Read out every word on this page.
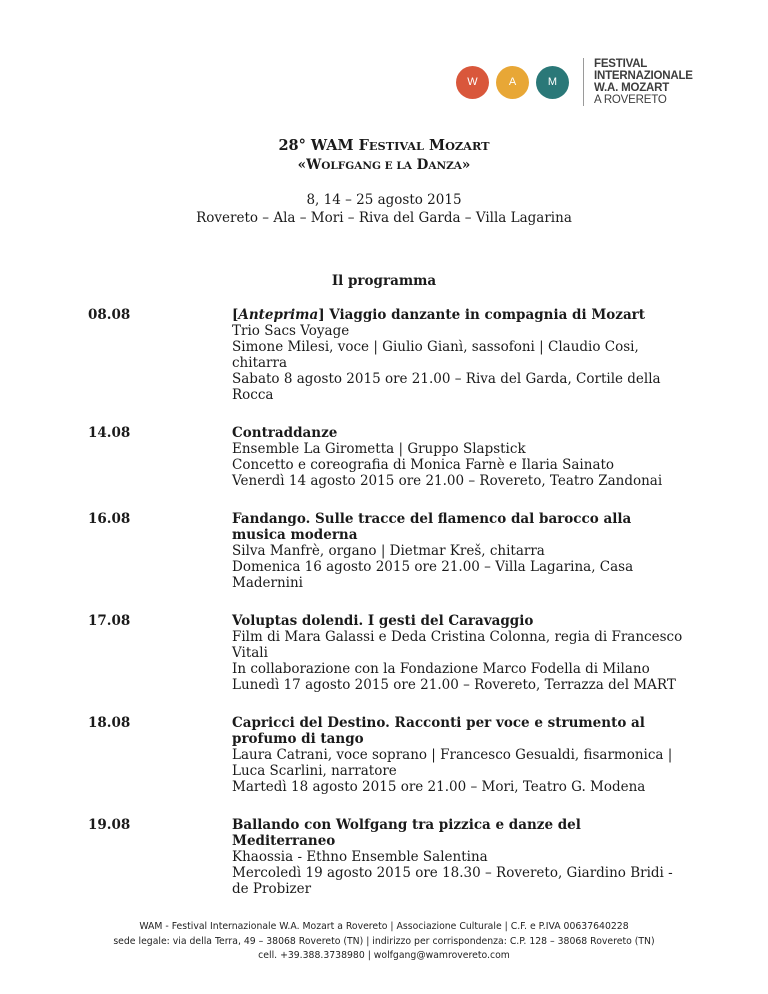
W	A	M
FESTIVAL
INTERNAZIONALE
W.A. MOZART
A ROVERETO
28° WAM FESTIVAL MOZART
«WOLFGANG E LA DANZA»
8, 14 – 25 agosto 2015
Rovereto – Ala – Mori – Riva del Garda – Villa Lagarina
Il programma
08.08	[Anteprima] Viaggio danzante in compagnia di Mozart
Trio Sacs Voyage
Simone Milesi, voce | Giulio Gianì, sassofoni | Claudio Cosi, chitarra
Sabato 8 agosto 2015 ore 21.00 – Riva del Garda, Cortile della Rocca
14.08	Contraddanze
Ensemble La Girometta | Gruppo Slapstick
Concetto e coreografia di Monica Farnè e Ilaria Sainato
Venerdì 14 agosto 2015 ore 21.00 – Rovereto, Teatro Zandonai
16.08	Fandango. Sulle tracce del flamenco dal barocco alla musica moderna
Silva Manfrè, organo | Dietmar Kreš, chitarra
Domenica 16 agosto 2015 ore 21.00 – Villa Lagarina, Casa Madernini
17.08	Voluptas dolendi. I gesti del Caravaggio
Film di Mara Galassi e Deda Cristina Colonna, regia di Francesco Vitali
In collaborazione con la Fondazione Marco Fodella di Milano
Lunedì 17 agosto 2015 ore 21.00 – Rovereto, Terrazza del MART
18.08	Capricci del Destino. Racconti per voce e strumento al profumo di tango
Laura Catrani, voce soprano | Francesco Gesualdi, fisarmonica | Luca Scarlini, narratore
Martedì 18 agosto 2015 ore 21.00 – Mori, Teatro G. Modena
19.08	Ballando con Wolfgang tra pizzica e danze del Mediterraneo
Khaossia - Ethno Ensemble Salentina
Mercoledì 19 agosto 2015 ore 18.30 – Rovereto, Giardino Bridi - de Probizer
WAM - Festival Internazionale W.A. Mozart a Rovereto | Associazione Culturale | C.F. e P.IVA 00637640228
sede legale: via della Terra, 49 – 38068 Rovereto (TN) | indirizzo per corrispondenza: C.P. 128 – 38068 Rovereto (TN)
cell. +39.388.3738980 | wolfgang@wamrovereto.com
